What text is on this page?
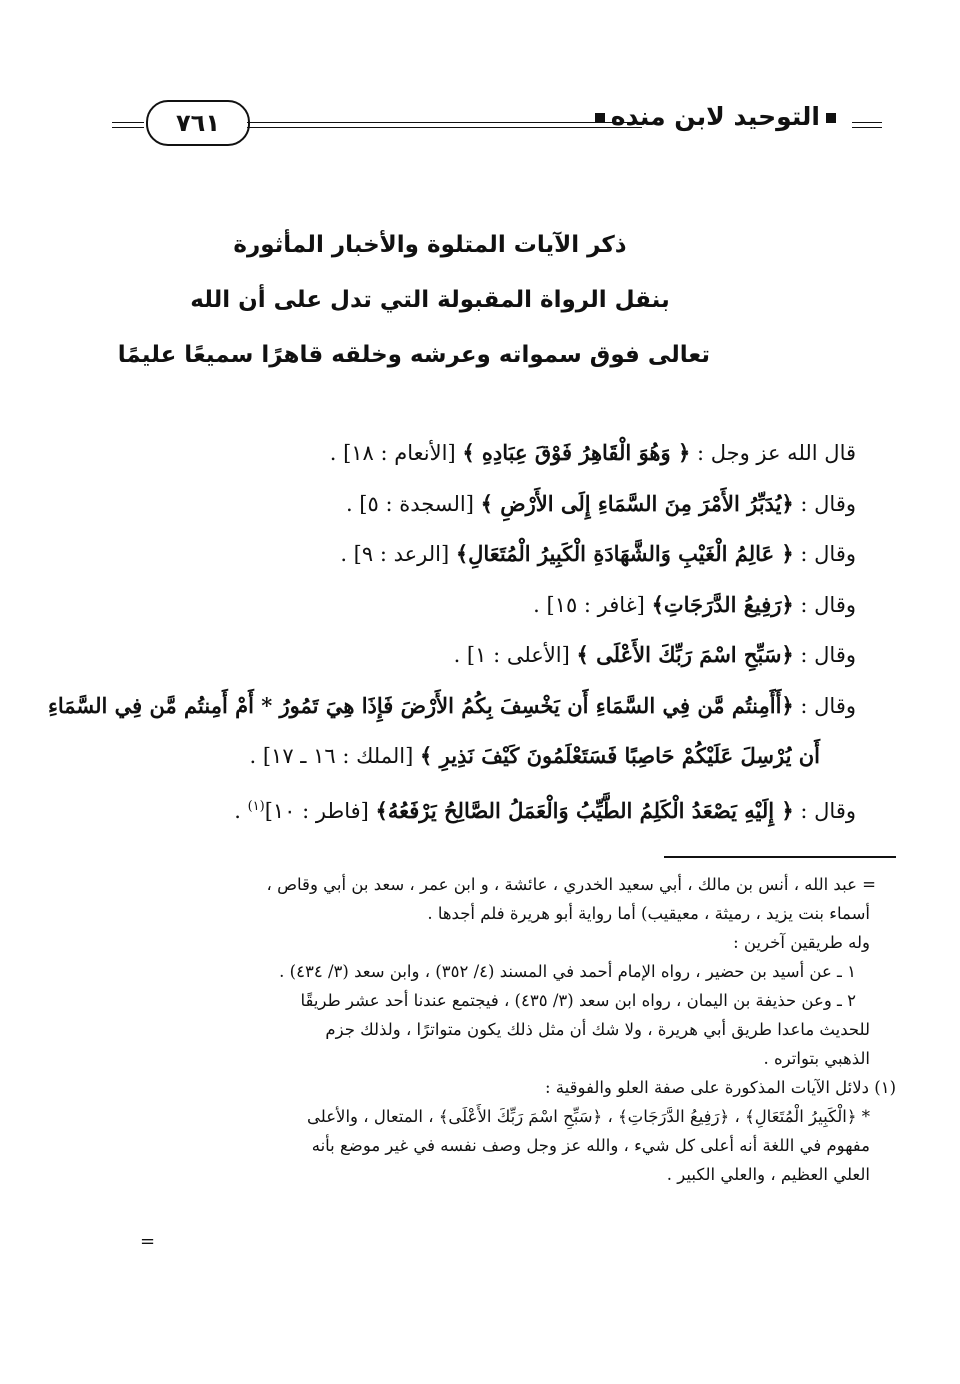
التوحيد لابن منده
٧٦١
ذكر الآيات المتلوة والأخبار المأثورة
بنقل الرواة المقبولة التي تدل على أن الله
تعالى فوق سمواته وعرشه وخلقه قاهرًا سميعًا عليمًا
قال الله عز وجل : ﴿ وَهُوَ الْقَاهِرُ فَوْقَ عِبَادِهِ ﴾ [الأنعام : ١٨] .
وقال : ﴿يُدَبِّرُ الأَمْرَ مِنَ السَّمَاءِ إِلَى الأَرْضِ ﴾ [السجدة : ٥] .
وقال : ﴿ عَالِمُ الْغَيْبِ وَالشَّهَادَةِ الْكَبِيرُ الْمُتَعَالِ﴾ [الرعد : ٩] .
وقال : ﴿رَفِيعُ الدَّرَجَاتِ﴾ [غافر : ١٥] .
وقال : ﴿سَبِّحِ اسْمَ رَبِّكَ الأَعْلَى ﴾ [الأعلى : ١] .
وقال : ﴿أَأَمِنتُم مَّن فِي السَّمَاءِ أَن يَخْسِفَ بِكُمُ الأَرْضَ فَإِذَا هِيَ تَمُورُ * أَمْ أَمِنتُم مَّن فِي السَّمَاءِ
أَن يُرْسِلَ عَلَيْكُمْ حَاصِبًا فَسَتَعْلَمُونَ كَيْفَ نَذِيرِ ﴾ [الملك : ١٦ ـ ١٧] .
وقال : ﴿ إِلَيْهِ يَصْعَدُ الْكَلِمُ الطَّيِّبُ وَالْعَمَلُ الصَّالِحُ يَرْفَعُهُ﴾ [فاطر : ١٠]$^{(١)}$ .
= عبد الله ، أنس بن مالك ، أبي سعيد الخدري ، عائشة ، و ابن عمر ، سعد بن أبي وقاص ،
أسماء بنت يزيد ، رميثة ، معيقيب) أما رواية أبو هريرة فلم أجدها .
وله طريقين آخرين :
١ ـ عن أسيد بن حضير ، رواه الإمام أحمد في المسند (٤/ ٣٥٢) ، وابن سعد (٣/ ٤٣٤) .
٢ ـ وعن حذيفة بن اليمان ، رواه ابن سعد (٣/ ٤٣٥) ، فيجتمع عندنا أحد عشر طريقًا
للحديث ماعدا طريق أبي هريرة ، ولا شك أن مثل ذلك يكون متواترًا ، ولذلك جزم
الذهبي بتواتره .
(١) دلائل الآيات المذكورة على صفة العلو والفوقية :
* ﴿الْكَبِيرُ الْمُتَعَالِ﴾ ، ﴿رَفِيعُ الدَّرَجَاتِ﴾ ، ﴿سَبِّحِ اسْمَ رَبِّكَ الأَعْلَى﴾ ، المتعال ، والأعلى
مفهوم في اللغة أنه أعلى كل شيء ، والله عز وجل وصف نفسه في غير موضع بأنه
العلي العظيم ، والعلي الكبير .
=
